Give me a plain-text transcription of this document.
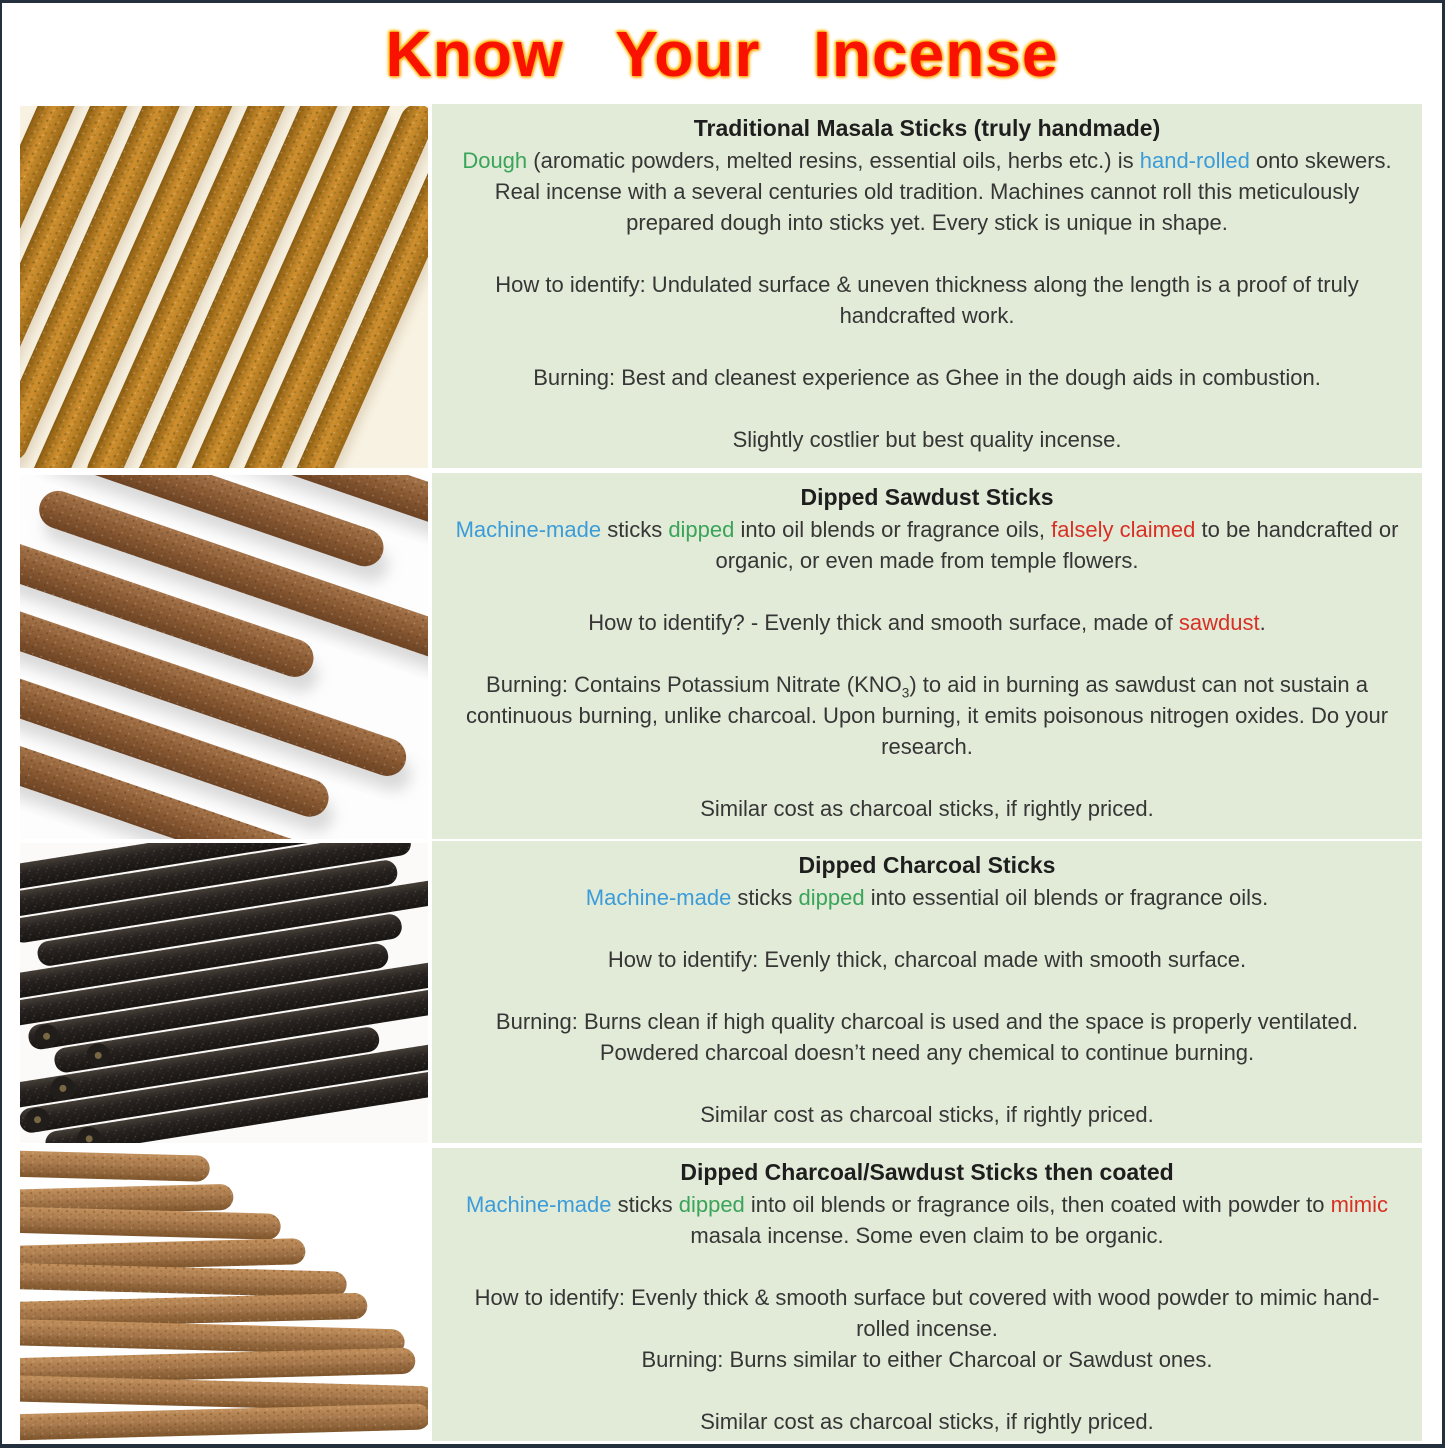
Know Your Incense
Traditional Masala Sticks (truly handmade)

Dough (aromatic powders, melted resins, essential oils, herbs etc.) is hand-rolled onto skewers. Real incense with a several centuries old tradition. Machines cannot roll this meticulously prepared dough into sticks yet. Every stick is unique in shape.

How to identify: Undulated surface & uneven thickness along the length is a proof of truly handcrafted work.

Burning: Best and cleanest experience as Ghee in the dough aids in combustion.

Slightly costlier but best quality incense.

Dipped Sawdust Sticks

Machine-made sticks dipped into oil blends or fragrance oils, falsely claimed to be handcrafted or organic, or even made from temple flowers.

How to identify? - Evenly thick and smooth surface, made of sawdust.

Burning: Contains Potassium Nitrate $(KNO_3)$ to aid in burning as sawdust can not sustain a continuous burning, unlike charcoal. Upon burning, it emits poisonous nitrogen oxides. Do your research.

Similar cost as charcoal sticks, if rightly priced.

Dipped Charcoal Sticks

Machine-made sticks dipped into essential oil blends or fragrance oils.

How to identify: Evenly thick, charcoal made with smooth surface.

Burning: Burns clean if high quality charcoal is used and the space is properly ventilated. Powdered charcoal doesn’t need any chemical to continue burning.

Similar cost as charcoal sticks, if rightly priced.

Dipped Charcoal/Sawdust Sticks then coated

Machine-made sticks dipped into oil blends or fragrance oils, then coated with powder to mimic masala incense. Some even claim to be organic.

How to identify: Evenly thick & smooth surface but covered with wood powder to mimic hand-rolled incense.

Burning: Burns similar to either Charcoal or Sawdust ones.

Similar cost as charcoal sticks, if rightly priced.
